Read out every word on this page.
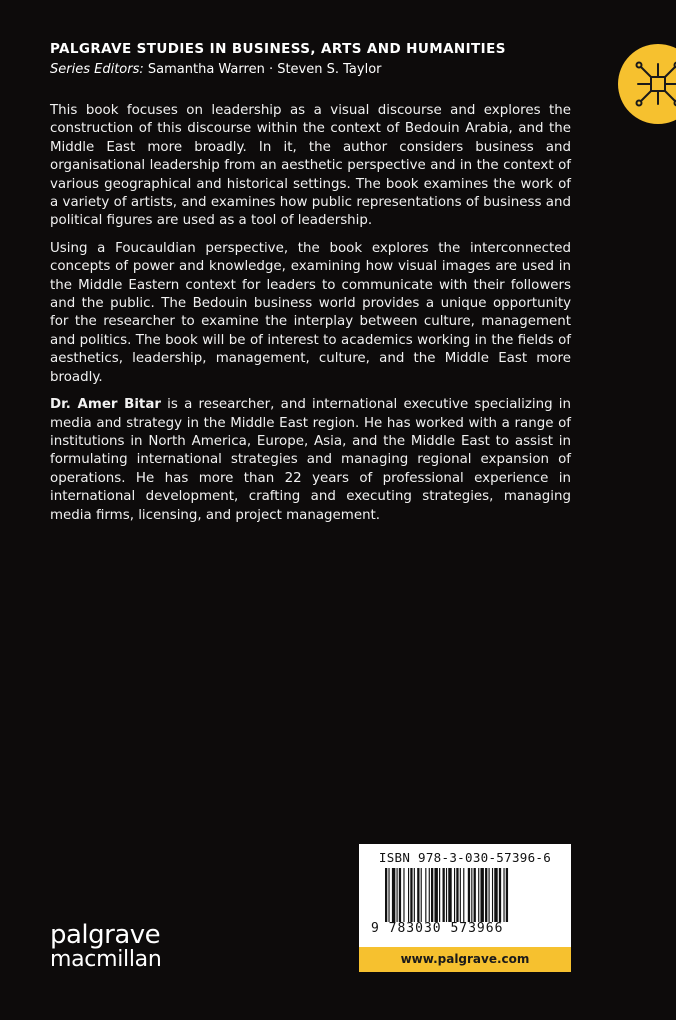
PALGRAVE STUDIES IN BUSINESS, ARTS AND HUMANITIES
Series Editors: Samantha Warren · Steven S. Taylor

This book focuses on leadership as a visual discourse and explores the construction of this discourse within the context of Bedouin Arabia, and the Middle East more broadly. In it, the author considers business and organisational leadership from an aesthetic perspective and in the context of various geographical and historical settings. The book examines the work of a variety of artists, and examines how public representations of business and political figures are used as a tool of leadership.

Using a Foucauldian perspective, the book explores the interconnected concepts of power and knowledge, examining how visual images are used in the Middle Eastern context for leaders to communicate with their followers and the public. The Bedouin business world provides a unique opportunity for the researcher to examine the interplay between culture, management and politics. The book will be of interest to academics working in the fields of aesthetics, leadership, management, culture, and the Middle East more broadly.

Dr. Amer Bitar is a researcher, and international executive specializing in media and strategy in the Middle East region. He has worked with a range of institutions in North America, Europe, Asia, and the Middle East to assist in formulating international strategies and managing regional expansion of operations. He has more than 22 years of professional experience in international development, crafting and executing strategies, managing media firms, licensing, and project management.

ISBN 978-3-030-57396-6
9 783030 573966
www.palgrave.com
palgrave
macmillan
